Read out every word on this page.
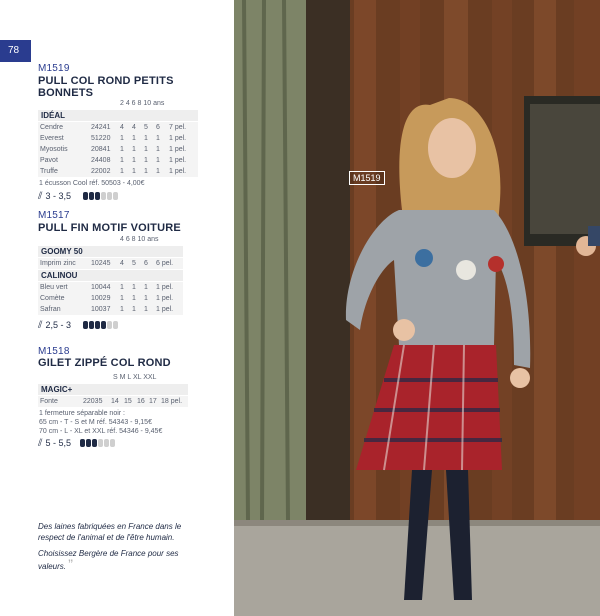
78
M1519
PULL COL ROND PETITS
BONNETS
2 4 6 8 10 ans
IDÉAL
Cendre	24241 4 4 5 6 7 pel.
Everest	51220 1 1 1 1 1 pel.
Myosotis	20841 1 1 1 1 1 pel.
Pavot	24408 1 1 1 1 1 pel.
Truffe	22002 1 1 1 1 1 pel.
1 écusson Cool réf. 50503 - 4,00€
⫽ 3 - 3,5
M1517
PULL FIN MOTIF VOITURE
4 6 8 10 ans
GOOMY 50
Imprim zinc 10245 4 5 6 6 pel.
CALINOU
Bleu vert	10044 1 1 1 1 pel.
Comète	10029 1 1 1 1 pel.
Safran	10037 1 1 1 1 pel.
⫽ 2,5 - 3
M1518
GILET ZIPPÉ COL ROND
S M L XL XXL
MAGIC+
Fonte	22035 14 15 16 17 18 pel.
1 fermeture séparable noir :
65 cm - T - S et M réf. 54343 - 9,15€
70 cm - L - XL et XXL réf. 54346 - 9,45€
⫽ 5 - 5,5

Des laines fabriquées en France dans le respect de l'animal et de l'être humain.

Choisissez Bergère de France pour ses valeurs. ”

M1519
